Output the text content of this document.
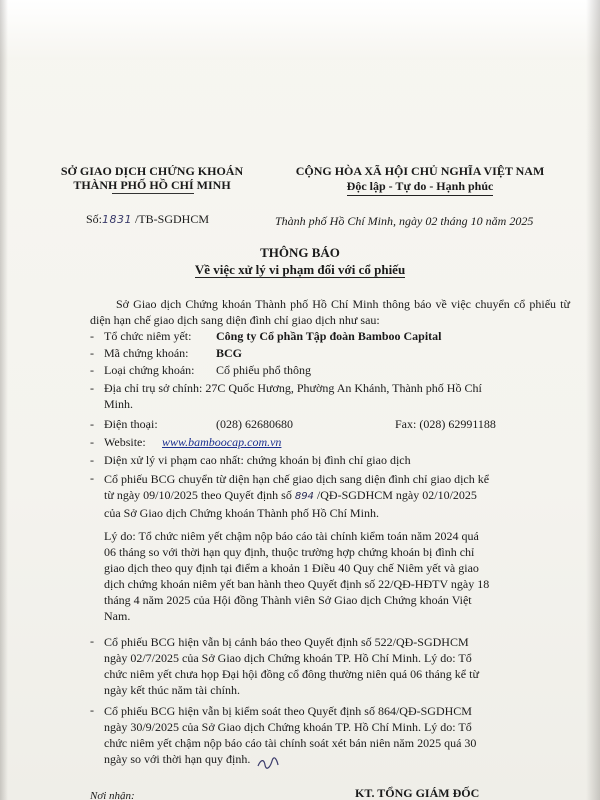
SỞ GIAO DỊCH CHỨNG KHOÁN
THÀNH PHỐ HỒ CHÍ MINH
CỘNG HÒA XÃ HỘI CHỦ NGHĨA VIỆT NAM
Độc lập - Tự do - Hạnh phúc
Số:1831 /TB-SGDHCM	Thành phố Hồ Chí Minh, ngày 02 tháng 10 năm 2025
THÔNG BÁO
Về việc xử lý vi phạm đối với cổ phiếu
Sở Giao dịch Chứng khoán Thành phố Hồ Chí Minh thông báo về việc chuyển cổ phiếu từ diện hạn chế giao dịch sang diện đình chỉ giao dịch như sau:
- Tổ chức niêm yết: Công ty Cổ phần Tập đoàn Bamboo Capital
- Mã chứng khoán: BCG
- Loại chứng khoán: Cổ phiếu phổ thông
- Địa chỉ trụ sở chính: 27C Quốc Hương, Phường An Khánh, Thành phố Hồ Chí
Minh.
- Điện thoại:	(028) 62680680	Fax: (028) 62991188
- Website: www.bamboocap.com.vn
- Diện xử lý vi phạm cao nhất: chứng khoán bị đình chỉ giao dịch
- Cổ phiếu BCG chuyển từ diện hạn chế giao dịch sang diện đình chỉ giao dịch kể
từ ngày 09/10/2025 theo Quyết định số 894 /QĐ-SGDHCM ngày 02/10/2025
của Sở Giao dịch Chứng khoán Thành phố Hồ Chí Minh.
Lý do: Tổ chức niêm yết chậm nộp báo cáo tài chính kiểm toán năm 2024 quá
06 tháng so với thời hạn quy định, thuộc trường hợp chứng khoán bị đình chỉ
giao dịch theo quy định tại điểm a khoản 1 Điều 40 Quy chế Niêm yết và giao
dịch chứng khoán niêm yết ban hành theo Quyết định số 22/QĐ-HĐTV ngày 18
tháng 4 năm 2025 của Hội đồng Thành viên Sở Giao dịch Chứng khoán Việt
Nam.
- Cổ phiếu BCG hiện vẫn bị cảnh báo theo Quyết định số 522/QĐ-SGDHCM
ngày 02/7/2025 của Sở Giao dịch Chứng khoán TP. Hồ Chí Minh. Lý do: Tổ
chức niêm yết chưa họp Đại hội đồng cổ đông thường niên quá 06 tháng kể từ
ngày kết thúc năm tài chính.
- Cổ phiếu BCG hiện vẫn bị kiểm soát theo Quyết định số 864/QĐ-SGDHCM
ngày 30/9/2025 của Sở Giao dịch Chứng khoán TP. Hồ Chí Minh. Lý do: Tổ
chức niêm yết chậm nộp báo cáo tài chính soát xét bán niên năm 2025 quá 30
ngày so với thời hạn quy định.
Nơi nhận:	KT. TỔNG GIÁM ĐỐC
